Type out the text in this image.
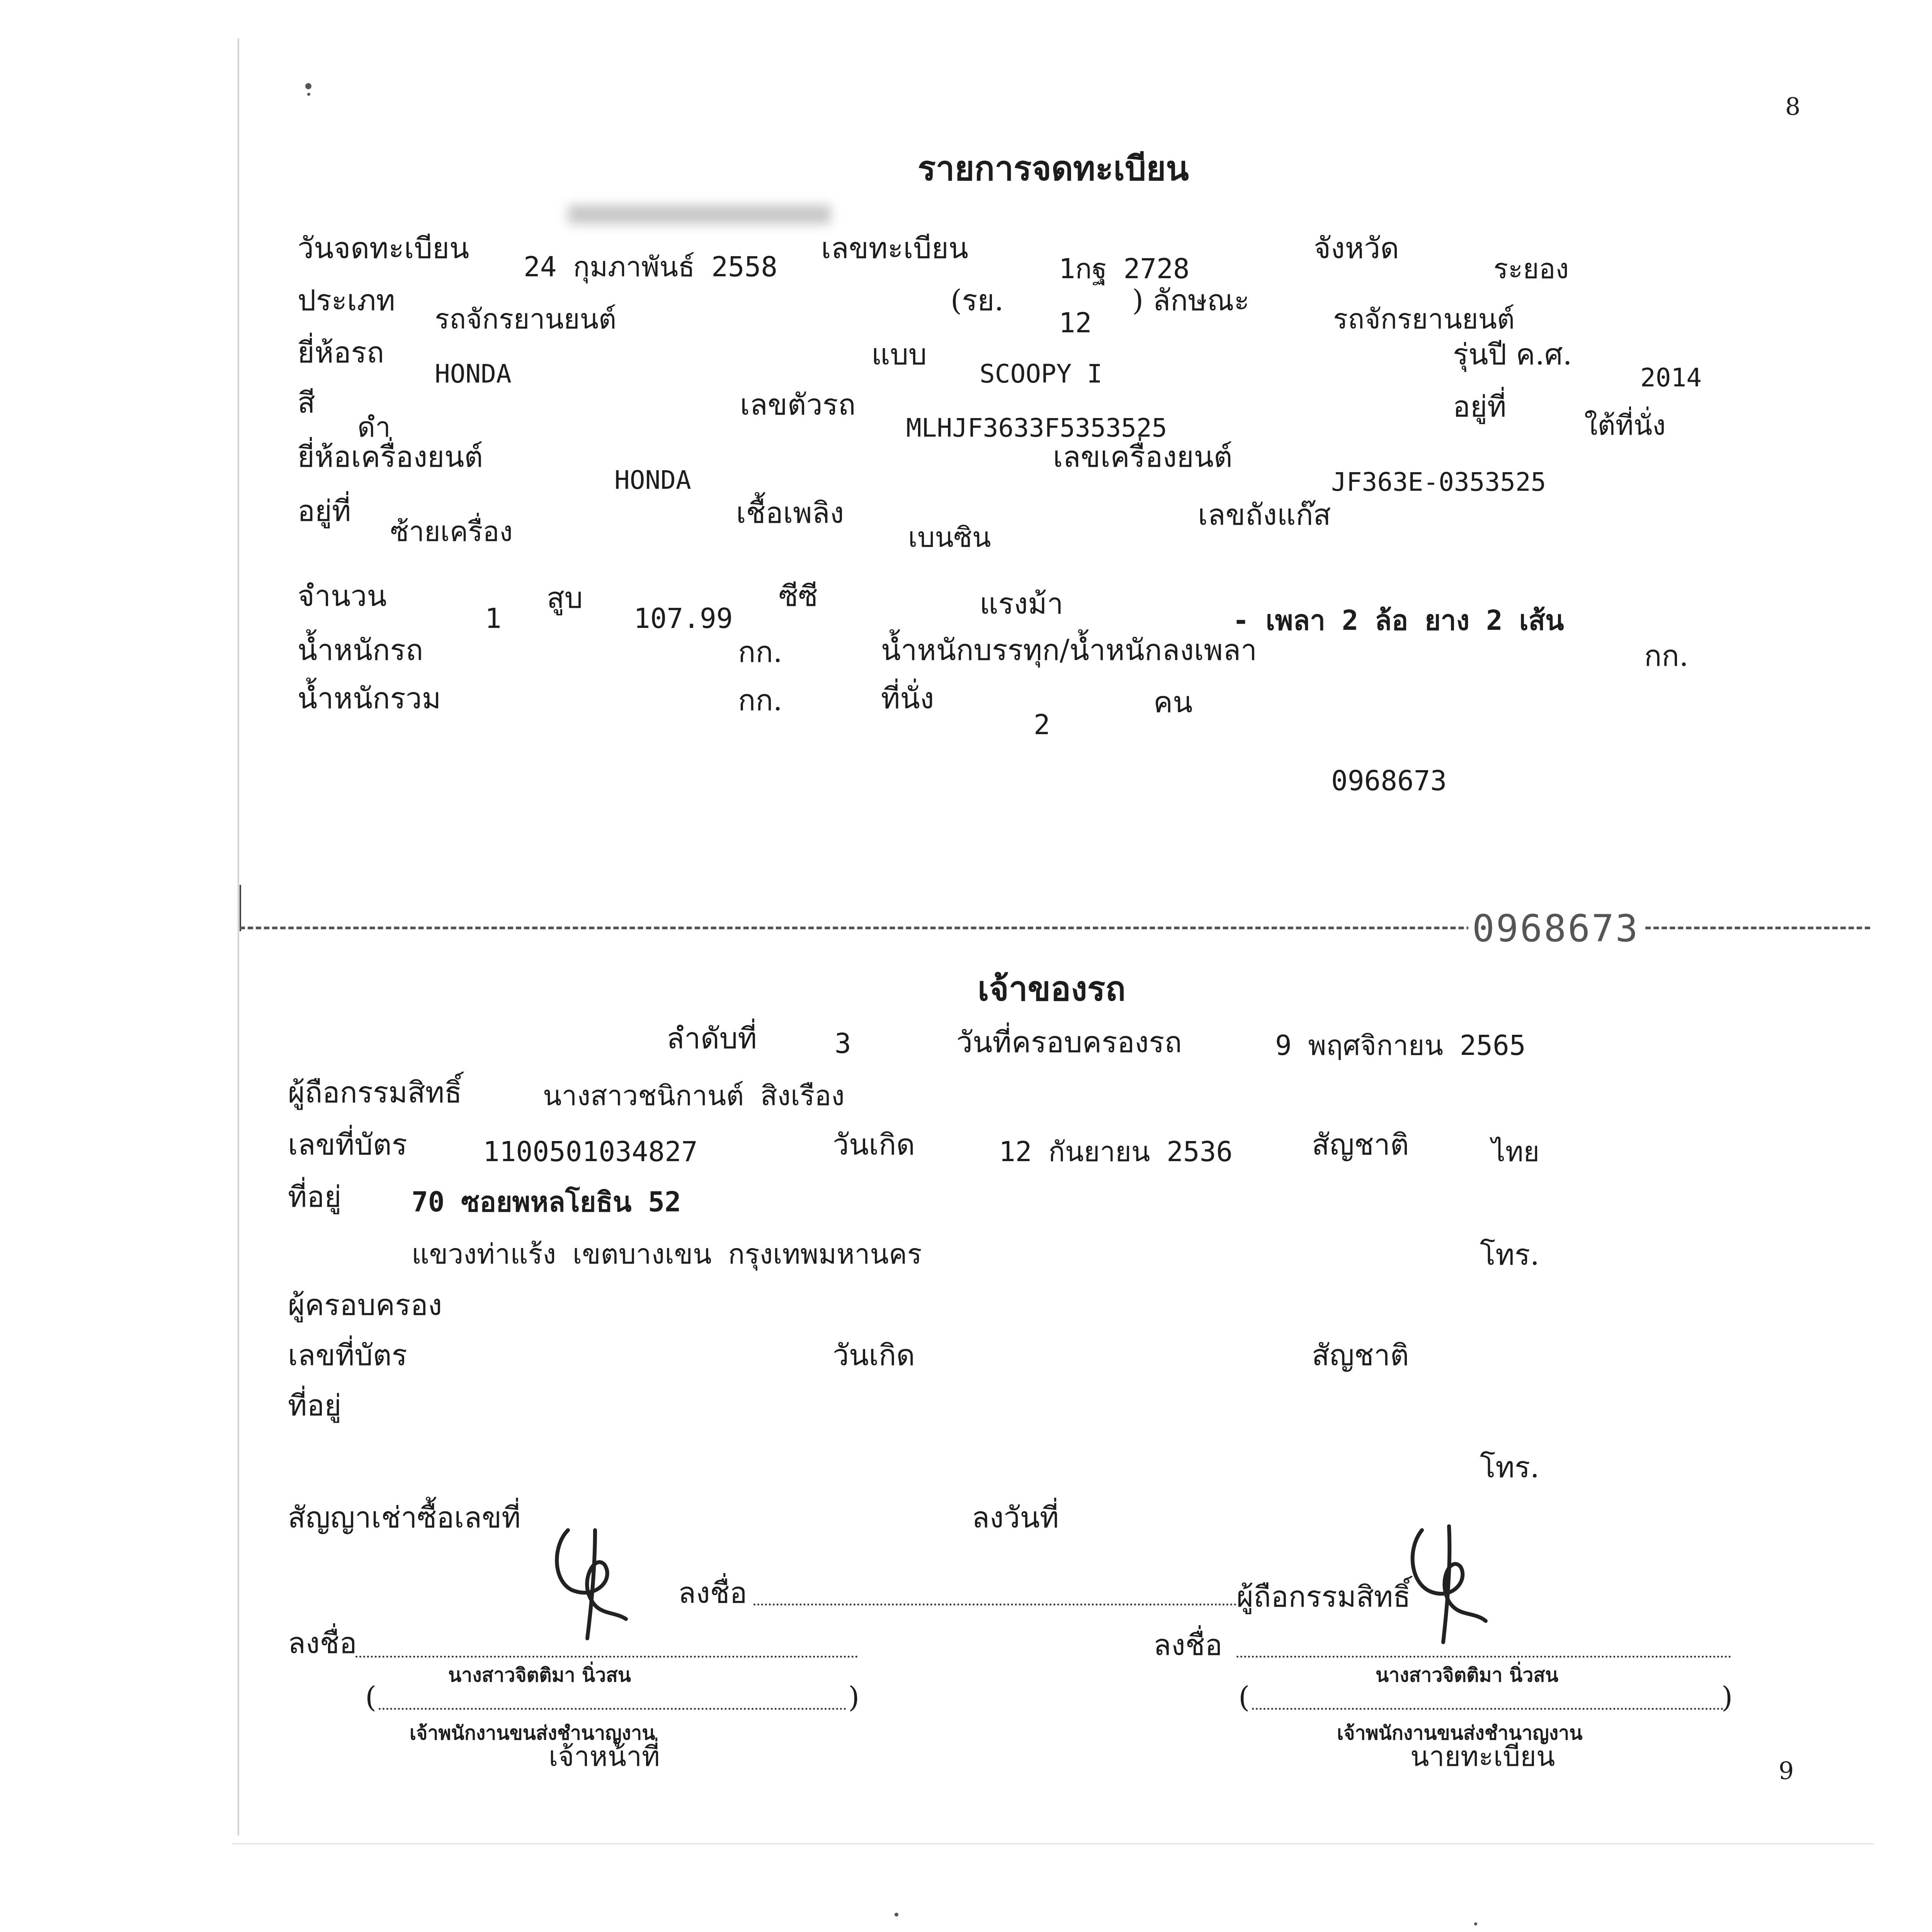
8
9
รายการจดทะเบียน
วันจดทะเบียน
24 กุมภาพันธ์ 2558
เลขทะเบียน
1กฐ 2728
จังหวัด
ระยอง
ประเภท
รถจักรยานยนต์
(รย.
12
) ลักษณะ
รถจักรยานยนต์
ยี่ห้อรถ
HONDA
แบบ
SCOOPY I
รุ่นปี ค.ศ.
2014
สี
ดำ
เลขตัวรถ
MLHJF3633F5353525
อยู่ที่
ใต้ที่นั่ง
ยี่ห้อเครื่องยนต์
HONDA
เลขเครื่องยนต์
JF363E-0353525
อยู่ที่
ซ้ายเครื่อง
เชื้อเพลิง
เบนซิน
เลขถังแก๊ส
จำนวน
1
สูบ
107.99
ซีซี	แรงม้า	- เพลา 2 ล้อ ยาง 2 เส้น
น้ำหนักรถ	กก.	น้ำหนักบรรทุก/น้ำหนักลงเพลา	กก.
น้ำหนักรวม	กก.	ที่นั่ง
2
คน
0968673
0968673
เจ้าของรถ
ลำดับที่	3	วันที่ครอบครองรถ	9 พฤศจิกายน 2565
ผู้ถือกรรมสิทธิ์	นางสาวชนิกานต์ สิงเรือง
เลขที่บัตร	1100501034827	วันเกิด	12 กันยายน 2536	สัญชาติ	ไทย
ที่อยู่	70 ซอยพหลโยธิน 52
แขวงท่าแร้ง เขตบางเขน กรุงเทพมหานคร	โทร.
ผู้ครอบครอง
เลขที่บัตร	วันเกิด	สัญชาติ
ที่อยู่
โทร.
สัญญาเช่าซื้อเลขที่	ลงวันที่
ลงชื่อ	ผู้ถือกรรมสิทธิ์
ลงชื่อ
นางสาวจิตติมา นิ่วสน
(	)
เจ้าพนักงานขนส่งชำนาญงาน
เจ้าหน้าที่
ลงชื่อ
นางสาวจิตติมา นิ่วสน
(	)
เจ้าพนักงานขนส่งชำนาญงาน
นายทะเบียน
